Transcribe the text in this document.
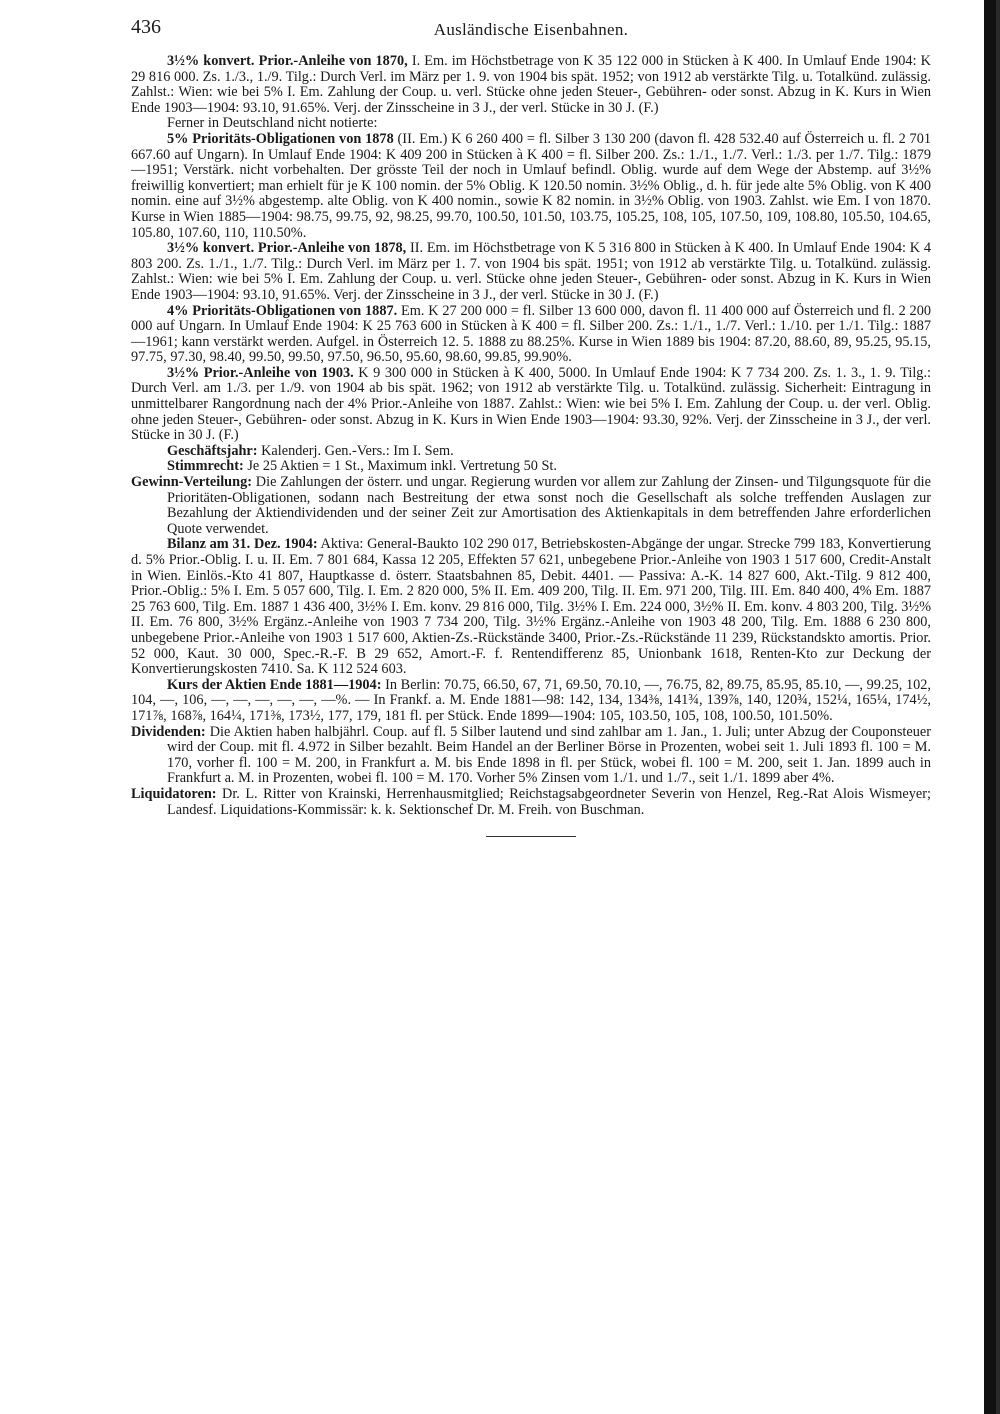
436	Ausländische Eisenbahnen.

3½% konvert. Prior.-Anleihe von 1870, I. Em. im Höchstbetrage von K 35 122 000 in Stücken à K 400. In Umlauf Ende 1904: K 29 816 000. Zs. 1./3., 1./9. Tilg.: Durch Verl. im März per 1. 9. von 1904 bis spät. 1952; von 1912 ab verstärkte Tilg. u. Totalkünd. zulässig. Zahlst.: Wien: wie bei 5% I. Em. Zahlung der Coup. u. verl. Stücke ohne jeden Steuer-, Gebühren- oder sonst. Abzug in K. Kurs in Wien Ende 1903—1904: 93.10, 91.65%. Verj. der Zinsscheine in 3 J., der verl. Stücke in 30 J. (F.)

Ferner in Deutschland nicht notierte:

5% Prioritäts-Obligationen von 1878 (II. Em.) K 6 260 400 = fl. Silber 3 130 200 (davon fl. 428 532.40 auf Österreich u. fl. 2 701 667.60 auf Ungarn). In Umlauf Ende 1904: K 409 200 in Stücken à K 400 = fl. Silber 200. Zs.: 1./1., 1./7. Verl.: 1./3. per 1./7. Tilg.: 1879—1951; Verstärk. nicht vorbehalten. Der grösste Teil der noch in Umlauf befindl. Oblig. wurde auf dem Wege der Abstemp. auf 3½% freiwillig konvertiert; man erhielt für je K 100 nomin. der 5% Oblig. K 120.50 nomin. 3½% Oblig., d. h. für jede alte 5% Oblig. von K 400 nomin. eine auf 3½% abgestemp. alte Oblig. von K 400 nomin., sowie K 82 nomin. in 3½% Oblig. von 1903. Zahlst. wie Em. I von 1870. Kurse in Wien 1885—1904: 98.75, 99.75, 92, 98.25, 99.70, 100.50, 101.50, 103.75, 105.25, 108, 105, 107.50, 109, 108.80, 105.50, 104.65, 105.80, 107.60, 110, 110.50%.

3½% konvert. Prior.-Anleihe von 1878, II. Em. im Höchstbetrage von K 5 316 800 in Stücken à K 400. In Umlauf Ende 1904: K 4 803 200. Zs. 1./1., 1./7. Tilg.: Durch Verl. im März per 1. 7. von 1904 bis spät. 1951; von 1912 ab verstärkte Tilg. u. Totalkünd. zulässig. Zahlst.: Wien: wie bei 5% I. Em. Zahlung der Coup. u. verl. Stücke ohne jeden Steuer-, Gebühren- oder sonst. Abzug in K. Kurs in Wien Ende 1903—1904: 93.10, 91.65%. Verj. der Zinsscheine in 3 J., der verl. Stücke in 30 J. (F.)

4% Prioritäts-Obligationen von 1887. Em. K 27 200 000 = fl. Silber 13 600 000, davon fl. 11 400 000 auf Österreich und fl. 2 200 000 auf Ungarn. In Umlauf Ende 1904: K 25 763 600 in Stücken à K 400 = fl. Silber 200. Zs.: 1./1., 1./7. Verl.: 1./10. per 1./1. Tilg.: 1887—1961; kann verstärkt werden. Aufgel. in Österreich 12. 5. 1888 zu 88.25%. Kurse in Wien 1889 bis 1904: 87.20, 88.60, 89, 95.25, 95.15, 97.75, 97.30, 98.40, 99.50, 99.50, 97.50, 96.50, 95.60, 98.60, 99.85, 99.90%.

3½% Prior.-Anleihe von 1903. K 9 300 000 in Stücken à K 400, 5000. In Umlauf Ende 1904: K 7 734 200. Zs. 1. 3., 1. 9. Tilg.: Durch Verl. am 1./3. per 1./9. von 1904 ab bis spät. 1962; von 1912 ab verstärkte Tilg. u. Totalkünd. zulässig. Sicherheit: Eintragung in unmittelbarer Rangordnung nach der 4% Prior.-Anleihe von 1887. Zahlst.: Wien: wie bei 5% I. Em. Zahlung der Coup. u. der verl. Oblig. ohne jeden Steuer-, Gebühren- oder sonst. Abzug in K. Kurs in Wien Ende 1903—1904: 93.30, 92%. Verj. der Zinsscheine in 3 J., der verl. Stücke in 30 J. (F.)

Geschäftsjahr: Kalenderj. Gen.-Vers.: Im I. Sem.

Stimmrecht: Je 25 Aktien = 1 St., Maximum inkl. Vertretung 50 St.

Gewinn-Verteilung: Die Zahlungen der österr. und ungar. Regierung wurden vor allem zur Zahlung der Zinsen- und Tilgungsquote für die Prioritäten-Obligationen, sodann nach Bestreitung der etwa sonst noch die Gesellschaft als solche treffenden Auslagen zur Bezahlung der Aktiendividenden und der seiner Zeit zur Amortisation des Aktienkapitals in dem betreffenden Jahre erforderlichen Quote verwendet.

Bilanz am 31. Dez. 1904: Aktiva: General-Baukto 102 290 017, Betriebskosten-Abgänge der ungar. Strecke 799 183, Konvertierung d. 5% Prior.-Oblig. I. u. II. Em. 7 801 684, Kassa 12 205, Effekten 57 621, unbegebene Prior.-Anleihe von 1903 1 517 600, Credit-Anstalt in Wien. Einlös.-Kto 41 807, Hauptkasse d. österr. Staatsbahnen 85, Debit. 4401. — Passiva: A.-K. 14 827 600, Akt.-Tilg. 9 812 400, Prior.-Oblig.: 5% I. Em. 5 057 600, Tilg. I. Em. 2 820 000, 5% II. Em. 409 200, Tilg. II. Em. 971 200, Tilg. III. Em. 840 400, 4% Em. 1887 25 763 600, Tilg. Em. 1887 1 436 400, 3½% I. Em. konv. 29 816 000, Tilg. 3½% I. Em. 224 000, 3½% II. Em. konv. 4 803 200, Tilg. 3½% II. Em. 76 800, 3½% Ergänz.-Anleihe von 1903 7 734 200, Tilg. 3½% Ergänz.-Anleihe von 1903 48 200, Tilg. Em. 1888 6 230 800, unbegebene Prior.-Anleihe von 1903 1 517 600, Aktien-Zs.-Rückstände 3400, Prior.-Zs.-Rückstände 11 239, Rückstandskto amortis. Prior. 52 000, Kaut. 30 000, Spec.-R.-F. B 29 652, Amort.-F. f. Rentendifferenz 85, Unionbank 1618, Renten-Kto zur Deckung der Konvertierungskosten 7410. Sa. K 112 524 603.

Kurs der Aktien Ende 1881—1904: In Berlin: 70.75, 66.50, 67, 71, 69.50, 70.10, —, 76.75, 82, 89.75, 85.95, 85.10, —, 99.25, 102, 104, —, 106, —, —, —, —, —, —%. — In Frankf. a. M. Ende 1881—98: 142, 134, 134⅜, 141¾, 139⅞, 140, 120¾, 152¼, 165¼, 174½, 171⅞, 168⅞, 164¼, 171⅜, 173½, 177, 179, 181 fl. per Stück. Ende 1899—1904: 105, 103.50, 105, 108, 100.50, 101.50%.

Dividenden: Die Aktien haben halbjährl. Coup. auf fl. 5 Silber lautend und sind zahlbar am 1. Jan., 1. Juli; unter Abzug der Couponsteuer wird der Coup. mit fl. 4.972 in Silber bezahlt. Beim Handel an der Berliner Börse in Prozenten, wobei seit 1. Juli 1893 fl. 100 = M. 170, vorher fl. 100 = M. 200, in Frankfurt a. M. bis Ende 1898 in fl. per Stück, wobei fl. 100 = M. 200, seit 1. Jan. 1899 auch in Frankfurt a. M. in Prozenten, wobei fl. 100 = M. 170. Vorher 5% Zinsen vom 1./1. und 1./7., seit 1./1. 1899 aber 4%.

Liquidatoren: Dr. L. Ritter von Krainski, Herrenhausmitglied; Reichstagsabgeordneter Severin von Henzel, Reg.-Rat Alois Wismeyer; Landesf. Liquidations-Kommissär: k. k. Sektionschef Dr. M. Freih. von Buschman.
